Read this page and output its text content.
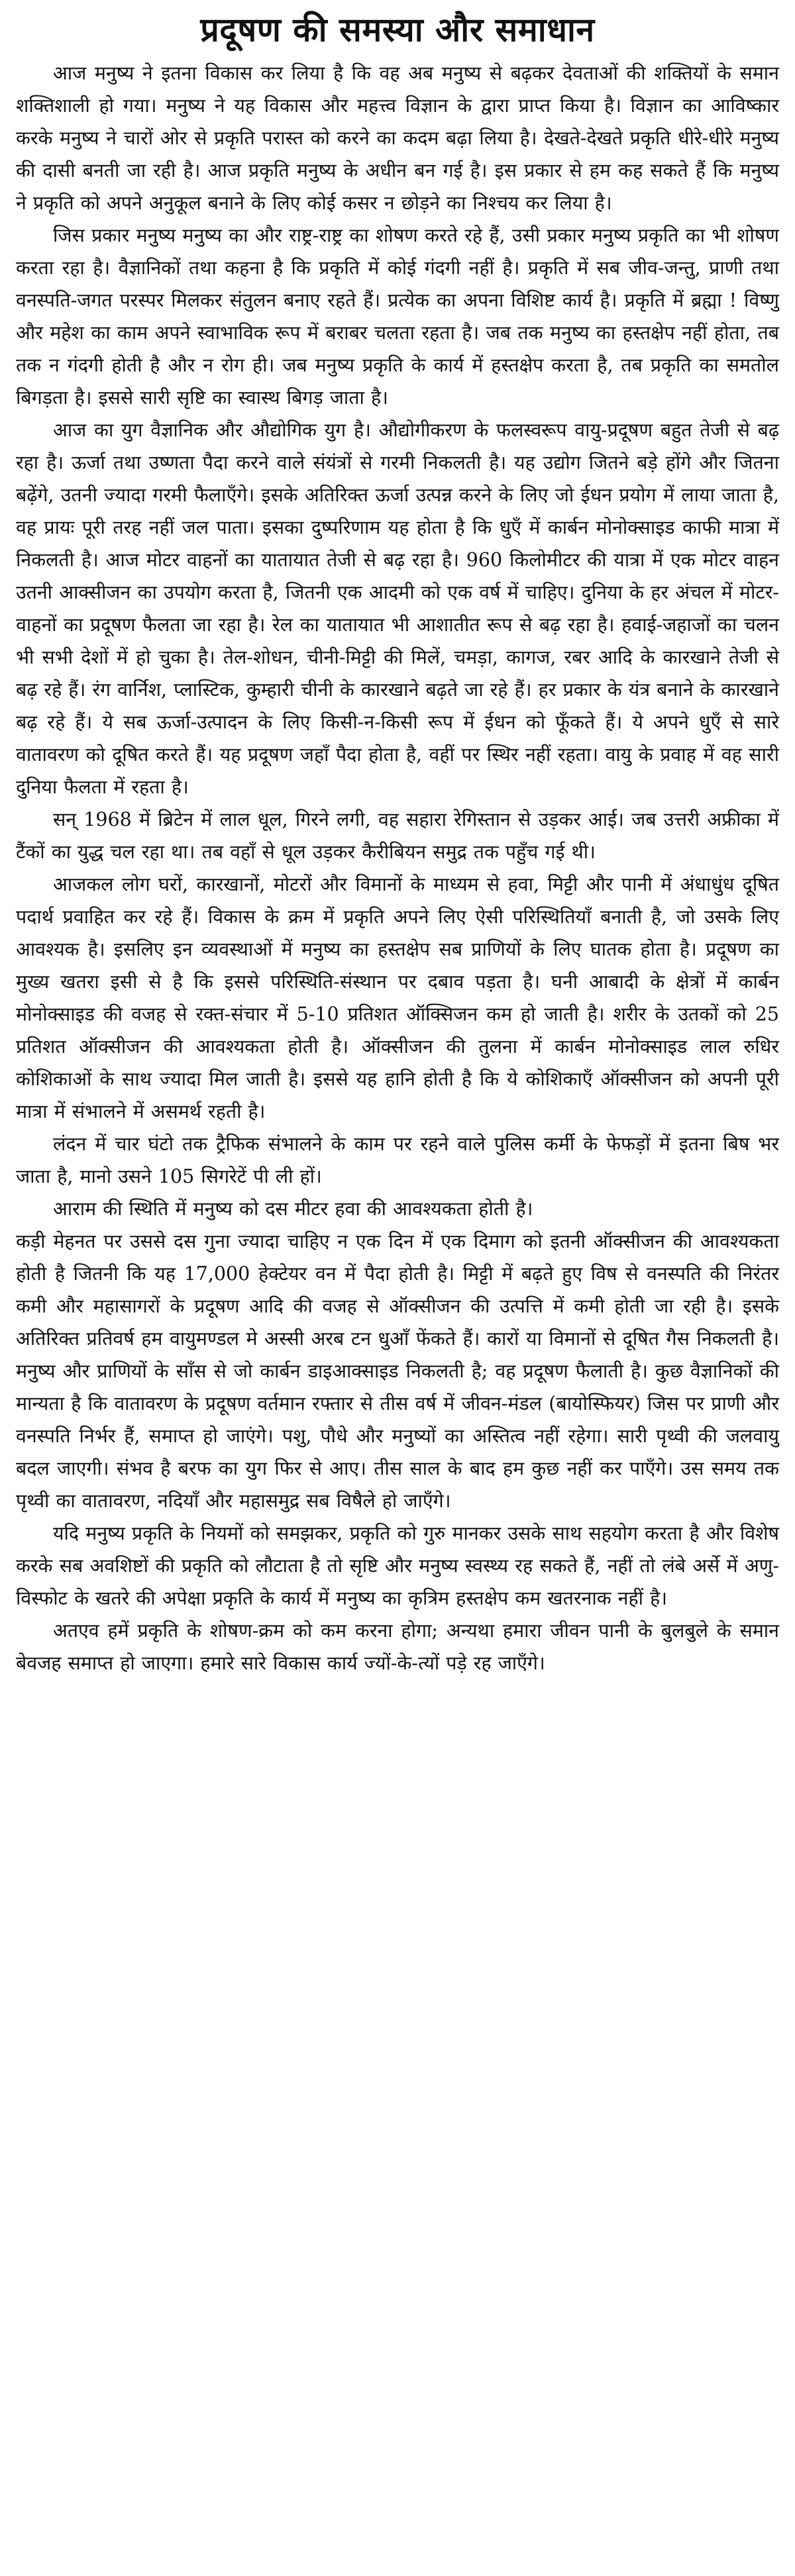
प्रदूषण की समस्या और समाधान

आज मनुष्य ने इतना विकास कर लिया है कि वह अब मनुष्य से बढ़कर देवताओं की शक्तियों के समान शक्तिशाली हो गया। मनुष्य ने यह विकास और महत्त्व विज्ञान के द्वारा प्राप्त किया है। विज्ञान का आविष्कार करके मनुष्य ने चारों ओर से प्रकृति परास्त को करने का कदम बढ़ा लिया है। देखते-देखते प्रकृति धीरे-धीरे मनुष्य की दासी बनती जा रही है। आज प्रकृति मनुष्य के अधीन बन गई है। इस प्रकार से हम कह सकते हैं कि मनुष्य ने प्रकृति को अपने अनुकूल बनाने के लिए कोई कसर न छोड़ने का निश्चय कर लिया है।

जिस प्रकार मनुष्य मनुष्य का और राष्ट्र-राष्ट्र का शोषण करते रहे हैं, उसी प्रकार मनुष्य प्रकृति का भी शोषण करता रहा है। वैज्ञानिकों तथा कहना है कि प्रकृति में कोई गंदगी नहीं है। प्रकृति में सब जीव-जन्तु, प्राणी तथा वनस्पति-जगत परस्पर मिलकर संतुलन बनाए रहते हैं। प्रत्येक का अपना विशिष्ट कार्य है। प्रकृति में ब्रह्मा ! विष्णु और महेश का काम अपने स्वाभाविक रूप में बराबर चलता रहता है। जब तक मनुष्य का हस्तक्षेप नहीं होता, तब तक न गंदगी होती है और न रोग ही। जब मनुष्य प्रकृति के कार्य में हस्तक्षेप करता है, तब प्रकृति का समतोल बिगड़ता है। इससे सारी सृष्टि का स्वास्थ बिगड़ जाता है।

आज का युग वैज्ञानिक और औद्योगिक युग है। औद्योगीकरण के फलस्वरूप वायु-प्रदूषण बहुत तेजी से बढ़ रहा है। ऊर्जा तथा उष्णता पैदा करने वाले संयंत्रों से गरमी निकलती है। यह उद्योग जितने बड़े होंगे और जितना बढ़ेंगे, उतनी ज्यादा गरमी फैलाएँगे। इसके अतिरिक्त ऊर्जा उत्पन्न करने के लिए जो ईधन प्रयोग में लाया जाता है, वह प्रायः पूरी तरह नहीं जल पाता। इसका दुष्परिणाम यह होता है कि धुएँ में कार्बन मोनोक्साइड काफी मात्रा में निकलती है। आज मोटर वाहनों का यातायात तेजी से बढ़ रहा है। 960 किलोमीटर की यात्रा में एक मोटर वाहन उतनी आक्सीजन का उपयोग करता है, जितनी एक आदमी को एक वर्ष में चाहिए। दुनिया के हर अंचल में मोटर-वाहनों का प्रदूषण फैलता जा रहा है। रेल का यातायात भी आशातीत रूप से बढ़ रहा है। हवाई-जहाजों का चलन भी सभी देशों में हो चुका है। तेल-शोधन, चीनी-मिट्टी की मिलें, चमड़ा, कागज, रबर आदि के कारखाने तेजी से बढ़ रहे हैं। रंग वार्निश, प्लास्टिक, कुम्हारी चीनी के कारखाने बढ़ते जा रहे हैं। हर प्रकार के यंत्र बनाने के कारखाने बढ़ रहे हैं। ये सब ऊर्जा-उत्पादन के लिए किसी-न-किसी रूप में ईधन को फूँकते हैं। ये अपने धुएँ से सारे वातावरण को दूषित करते हैं। यह प्रदूषण जहाँ पैदा होता है, वहीं पर स्थिर नहीं रहता। वायु के प्रवाह में वह सारी दुनिया फैलता में रहता है।

सन् 1968 में ब्रिटेन में लाल धूल, गिरने लगी, वह सहारा रेगिस्तान से उड़कर आई। जब उत्तरी अफ्रीका में टैंकों का युद्ध चल रहा था। तब वहाँ से धूल उड़कर कैरीबियन समुद्र तक पहुँच गई थी।

आजकल लोग घरों, कारखानों, मोटरों और विमानों के माध्यम से हवा, मिट्टी और पानी में अंधाधुंध दूषित पदार्थ प्रवाहित कर रहे हैं। विकास के क्रम में प्रकृति अपने लिए ऐसी परिस्थितियाँ बनाती है, जो उसके लिए आवश्यक है। इसलिए इन व्यवस्थाओं में मनुष्य का हस्तक्षेप सब प्राणियों के लिए घातक होता है। प्रदूषण का मुख्य खतरा इसी से है कि इससे परिस्थिति-संस्थान पर दबाव पड़ता है। घनी आबादी के क्षेत्रों में कार्बन मोनोक्साइड की वजह से रक्त-संचार में 5-10 प्रतिशत ऑक्सिजन कम हो जाती है। शरीर के उतकों को 25 प्रतिशत ऑक्सीजन की आवश्यकता होती है। ऑक्सीजन की तुलना में कार्बन मोनोक्साइड लाल रुधिर कोशिकाओं के साथ ज्यादा मिल जाती है। इससे यह हानि होती है कि ये कोशिकाएँ ऑक्सीजन को अपनी पूरी मात्रा में संभालने में असमर्थ रहती है।

लंदन में चार घंटो तक ट्रैफिक संभालने के काम पर रहने वाले पुलिस कर्मी के फेफड़ों में इतना बिष भर जाता है, मानो उसने 105 सिगरेटें पी ली हों।

आराम की स्थिति में मनुष्य को दस मीटर हवा की आवश्यकता होती है।

कड़ी मेहनत पर उससे दस गुना ज्यादा चाहिए न एक दिन में एक दिमाग को इतनी ऑक्सीजन की आवश्यकता होती है जितनी कि यह 17,000 हेक्टेयर वन में पैदा होती है। मिट्टी में बढ़ते हुए विष से वनस्पति की निरंतर कमी और महासागरों के प्रदूषण आदि की वजह से ऑक्सीजन की उत्पत्ति में कमी होती जा रही है। इसके अतिरिक्त प्रतिवर्ष हम वायुमण्डल मे अस्सी अरब टन धुआँ फेंकते हैं। कारों या विमानों से दूषित गैस निकलती है। मनुष्य और प्राणियों के साँस से जो कार्बन डाइआक्साइड निकलती है; वह प्रदूषण फैलाती है। कुछ वैज्ञानिकों की मान्यता है कि वातावरण के प्रदूषण वर्तमान रफ्तार से तीस वर्ष में जीवन-मंडल (बायोस्फियर) जिस पर प्राणी और वनस्पति निर्भर हैं, समाप्त हो जाएंगे। पशु, पौधे और मनुष्यों का अस्तित्व नहीं रहेगा। सारी पृथ्वी की जलवायु बदल जाएगी। संभव है बरफ का युग फिर से आए। तीस साल के बाद हम कुछ नहीं कर पाएँगे। उस समय तक पृथ्वी का वातावरण, नदियाँ और महासमुद्र सब विषैले हो जाएँगे।

यदि मनुष्य प्रकृति के नियमों को समझकर, प्रकृति को गुरु मानकर उसके साथ सहयोग करता है और विशेष करके सब अवशिष्टों की प्रकृति को लौटाता है तो सृष्टि और मनुष्य स्वस्थ्य रह सकते हैं, नहीं तो लंबे अर्से में अणु-विस्फोट के खतरे की अपेक्षा प्रकृति के कार्य में मनुष्य का कृत्रिम हस्तक्षेप कम खतरनाक नहीं है।

अतएव हमें प्रकृति के शोषण-क्रम को कम करना होगा; अन्यथा हमारा जीवन पानी के बुलबुले के समान बेवजह समाप्त हो जाएगा। हमारे सारे विकास कार्य ज्यों-के-त्यों पड़े रह जाएँगे।
